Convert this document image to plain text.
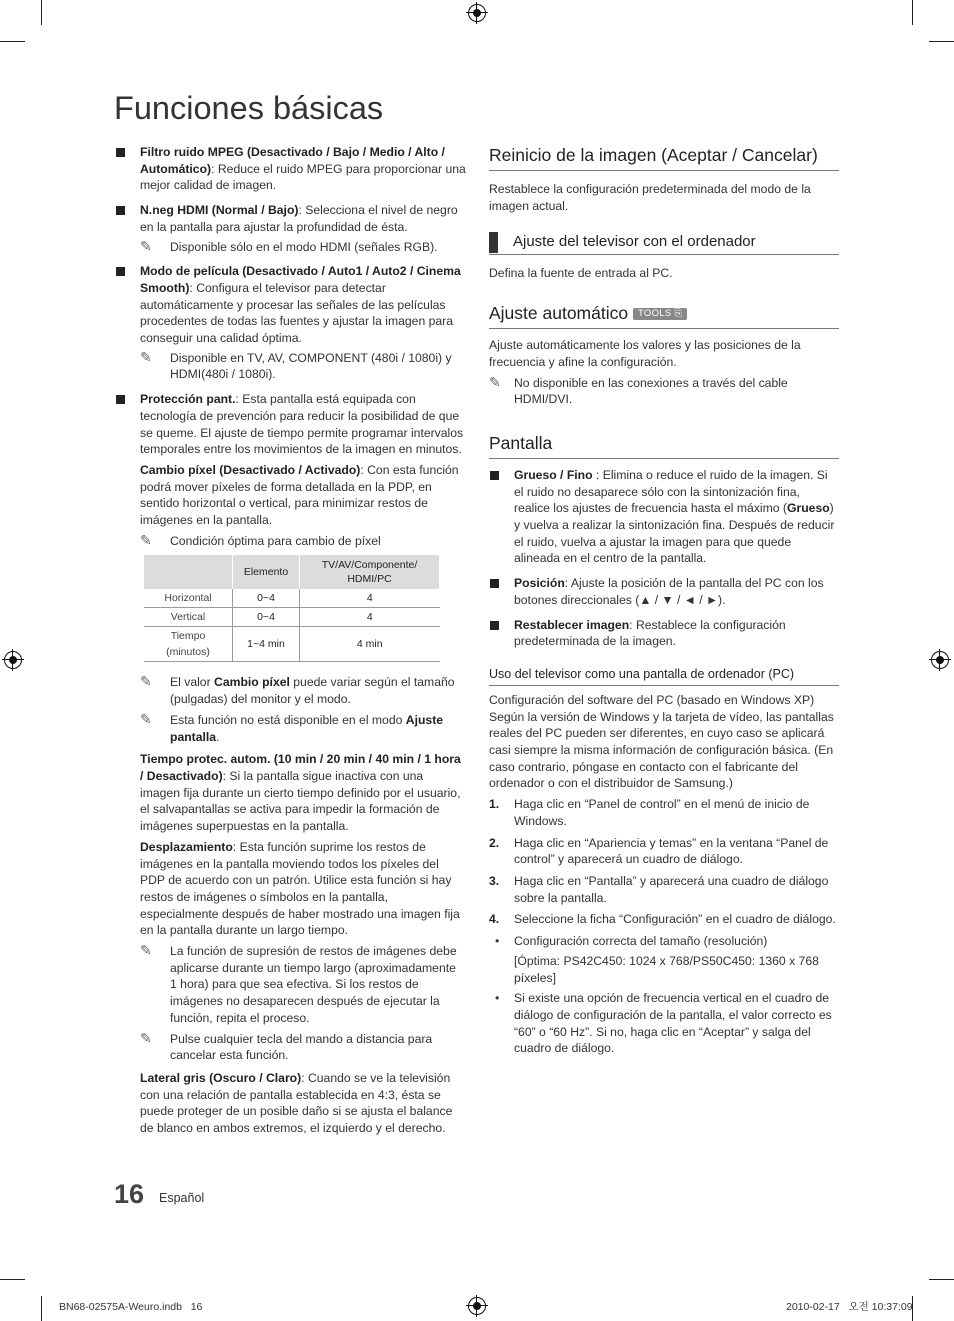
Funciones básicas
Filtro ruido MPEG (Desactivado / Bajo / Medio / Alto / Automático): Reduce el ruido MPEG para proporcionar una mejor calidad de imagen.
N.neg HDMI (Normal / Bajo): Selecciona el nivel de negro en la pantalla para ajustar la profundidad de ésta.
✎ Disponible sólo en el modo HDMI (señales RGB).
Modo de película (Desactivado / Auto1 / Auto2 / Cinema Smooth): Configura el televisor para detectar automáticamente y procesar las señales de las películas procedentes de todas las fuentes y ajustar la imagen para conseguir una calidad óptima.
✎ Disponible en TV, AV, COMPONENT (480i / 1080i) y HDMI(480i / 1080i).

Protección pant.: Esta pantalla está equipada con tecnología de prevención para reducir la posibilidad de que se queme. El ajuste de tiempo permite programar intervalos temporales entre los movimientos de la imagen en minutos.

Cambio píxel (Desactivado / Activado): Con esta función podrá mover píxeles de forma detallada en la PDP, en sentido horizontal o vertical, para minimizar restos de imágenes en la pantalla.

✎ Condición óptima para cambio de píxel
	Elemento	TV/AV/Componente/ HDMI/PC
Horizontal	0~4	4
Vertical	0~4	4
Tiempo (minutos)	1~4 min	4 min
✎ El valor Cambio píxel puede variar según el tamaño (pulgadas) del monitor y el modo.
✎ Esta función no está disponible en el modo Ajuste pantalla.

Tiempo protec. autom. (10 min / 20 min / 40 min / 1 hora / Desactivado): Si la pantalla sigue inactiva con una imagen fija durante un cierto tiempo definido por el usuario, el salvapantallas se activa para impedir la formación de imágenes superpuestas en la pantalla.

Desplazamiento: Esta función suprime los restos de imágenes en la pantalla moviendo todos los píxeles del PDP de acuerdo con un patrón. Utilice esta función si hay restos de imágenes o símbolos en la pantalla, especialmente después de haber mostrado una imagen fija en la pantalla durante un largo tiempo.

✎ La función de supresión de restos de imágenes debe aplicarse durante un tiempo largo (aproximadamente 1 hora) para que sea efectiva. Si los restos de imágenes no desaparecen después de ejecutar la función, repita el proceso.
✎ Pulse cualquier tecla del mando a distancia para cancelar esta función.

Lateral gris (Oscuro / Claro): Cuando se ve la televisión con una relación de pantalla establecida en 4:3, ésta se puede proteger de un posible daño si se ajusta el balance de blanco en ambos extremos, el izquierdo y el derecho.

Reinicio de la imagen (Aceptar / Cancelar)

Restablece la configuración predeterminada del modo de la imagen actual.

Ajuste del televisor con el ordenador

Defina la fuente de entrada al PC.

Ajuste automático TOOLS ⎘

Ajuste automáticamente los valores y las posiciones de la frecuencia y afine la configuración.

✎ No disponible en las conexiones a través del cable HDMI/DVI.
Pantalla
Grueso / Fino : Elimina o reduce el ruido de la imagen. Si el ruido no desaparece sólo con la sintonización fina, realice los ajustes de frecuencia hasta el máximo (Grueso) y vuelva a realizar la sintonización fina. Después de reducir el ruido, vuelva a ajustar la imagen para que quede alineada en el centro de la pantalla.
Posición: Ajuste la posición de la pantalla del PC con los botones direccionales (▲ / ▼ / ◄ / ►).
Restablecer imagen: Restablece la configuración predeterminada de la imagen.
Uso del televisor como una pantalla de ordenador (PC)

Configuración del software del PC (basado en Windows XP) Según la versión de Windows y la tarjeta de vídeo, las pantallas reales del PC pueden ser diferentes, en cuyo caso se aplicará casi siempre la misma información de configuración básica. (En caso contrario, póngase en contacto con el fabricante del ordenador o con el distribuidor de Samsung.)

1. Haga clic en “Panel de control” en el menú de inicio de Windows.
2. Haga clic en “Apariencia y temas” en la ventana “Panel de control” y aparecerá un cuadro de diálogo.
3. Haga clic en “Pantalla” y aparecerá una cuadro de diálogo sobre la pantalla.
4. Seleccione la ficha “Configuración” en el cuadro de diálogo.
• Configuración correcta del tamaño (resolución)
[Óptima: PS42C450: 1024 x 768/PS50C450: 1360 x 768 píxeles]
• Si existe una opción de frecuencia vertical en el cuadro de diálogo de configuración de la pantalla, el valor correcto es “60” o “60 Hz”. Si no, haga clic en “Aceptar” y salga del cuadro de diálogo.
16 Español
BN68-02575A-Weuro.indb   16	2010-02-17   오전 10:37:09
